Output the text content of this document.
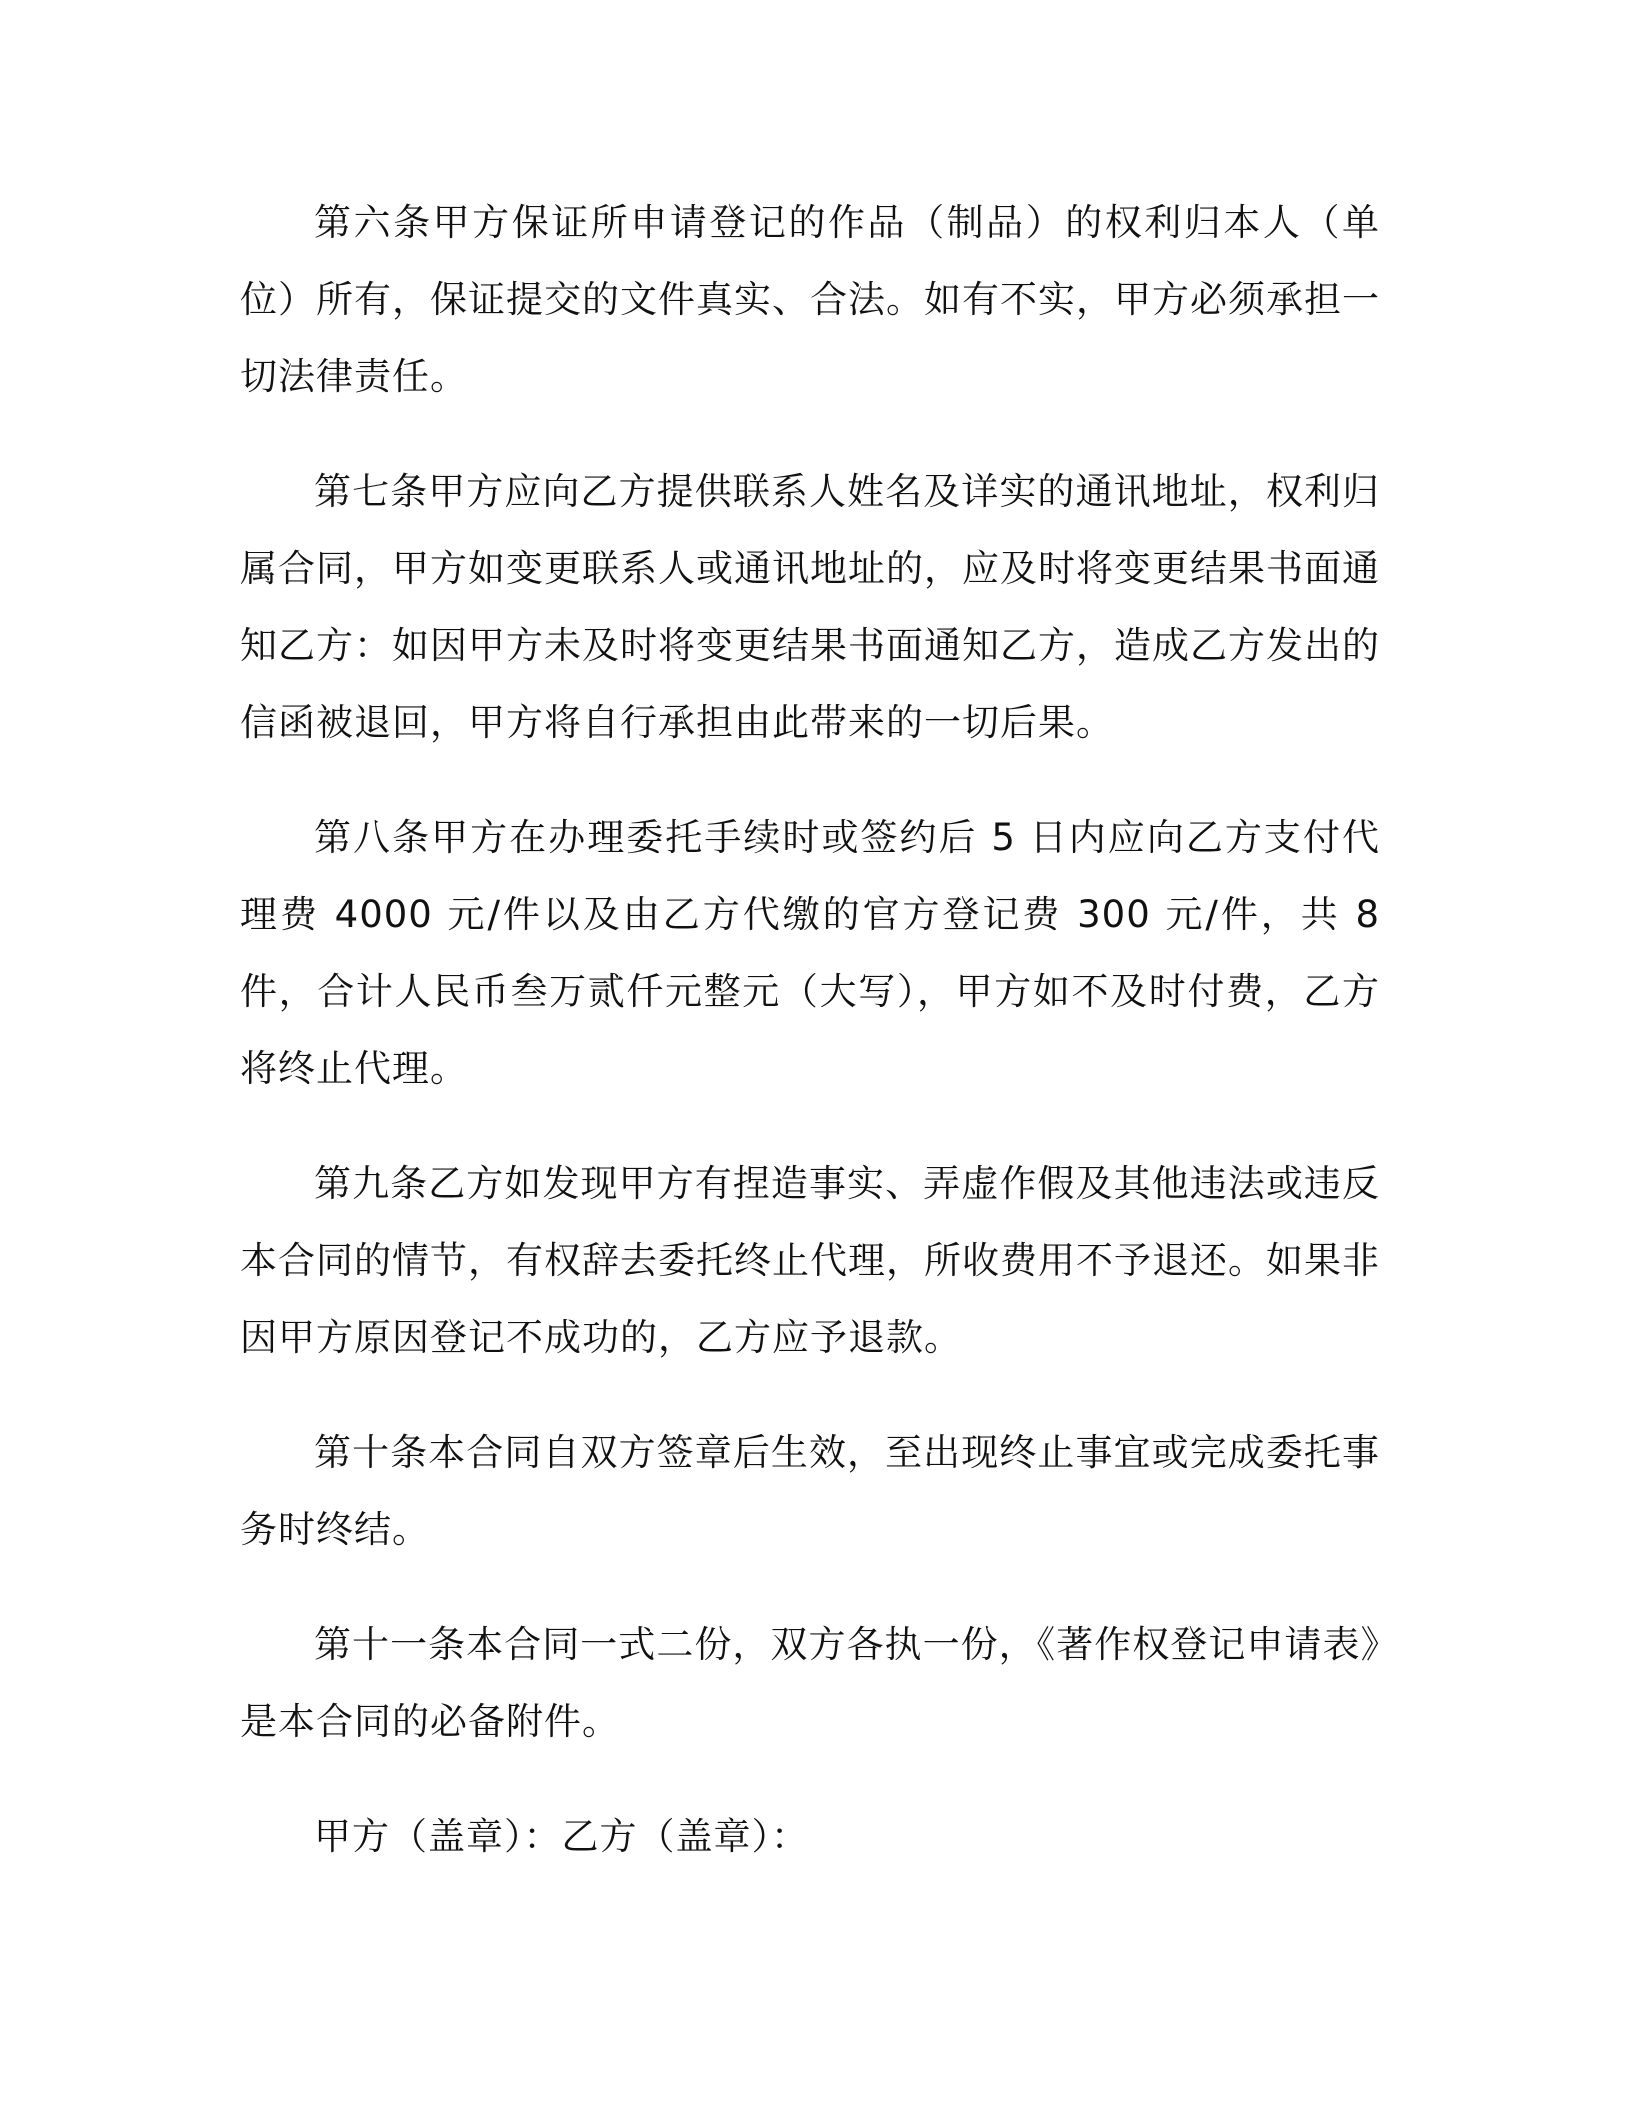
第六条甲方保证所申请登记的作品（制品）的权利归本人（单位）所有，保证提交的文件真实、合法。如有不实，甲方必须承担一切法律责任。

第七条甲方应向乙方提供联系人姓名及详实的通讯地址，权利归属合同，甲方如变更联系人或通讯地址的，应及时将变更结果书面通知乙方：如因甲方未及时将变更结果书面通知乙方，造成乙方发出的信函被退回，甲方将自行承担由此带来的一切后果。

第八条甲方在办理委托手续时或签约后 5 日内应向乙方支付代理费 4000 元/件以及由乙方代缴的官方登记费 300 元/件，共 8 件，合计人民币叁万贰仟元整元（大写），甲方如不及时付费，乙方将终止代理。

第九条乙方如发现甲方有捏造事实、弄虚作假及其他违法或违反本合同的情节，有权辞去委托终止代理，所收费用不予退还。如果非因甲方原因登记不成功的，乙方应予退款。

第十条本合同自双方签章后生效，至出现终止事宜或完成委托事务时终结。

第十一条本合同一式二份，双方各执一份，《著作权登记申请表》是本合同的必备附件。

甲方（盖章）：乙方（盖章）：
